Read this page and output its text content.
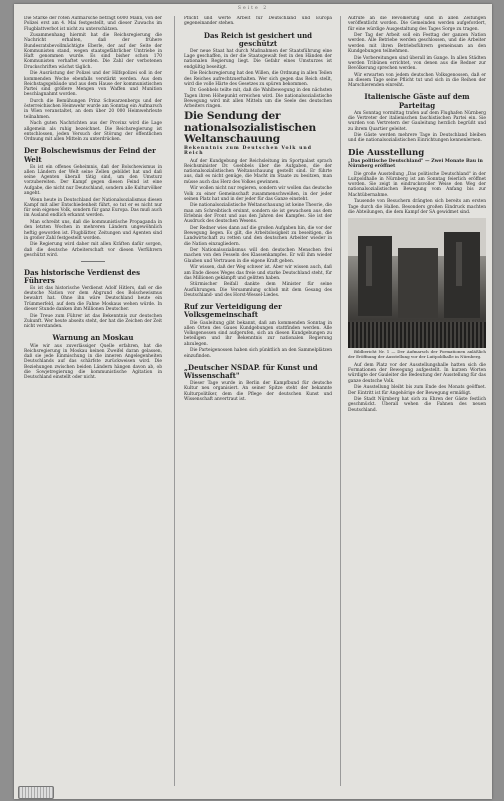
Seite 2

Die Stärke der roten Aufmärsche beträgt 6000 Mann, von der Polizei erst am 4. Mai festgestellt, und dieser Zuwachs im Flugblattverbot ist nicht zu unterschätzen.

Zusammenhang hiermit hat die Reichsregierung die Nachricht erhalten, daß der frühere Bundesratsbevollmächtigte Eberle, der auf der Seite der Kommunisten stand, wegen staatsgefährlicher Umtriebe in Haft genommen wurde. Es sind bisher schon 170 Kommunisten verhaftet worden. Die Zahl der verbotenen Druckschriften wächst täglich.

Die Ausrüstung der Polizei und der Hilfspolizei soll in der kommenden Woche ebenfalls verstärkt werden. Aus dem Reichstagsgebäude und aus dem Hause der kommunistischen Partei sind größere Mengen von Waffen und Munition beschlagnahmt worden.

Durch die Bemühungen Prinz Schwarzenbergs und der österreichischen Heimwehr wurde am Sonntag ein Aufmarsch in Wien veranstaltet, an dem über 20 000 Heimwehrleute teilnahmen.

Nach guten Nachrichten aus der Provinz wird die Lage allgemein als ruhig bezeichnet. Die Reichsregierung ist entschlossen, jeden Versuch der Störung der öffentlichen Ordnung mit allen Mitteln zu unterdrücken.

Der Bolschewismus der Feind der Welt

Es ist ein offenes Geheimnis, daß der Bolschewismus in allen Ländern der Welt seine Zellen gebildet hat und daß seine Agenten überall tätig sind, um den Umsturz vorzubereiten. Der Kampf gegen diesen Feind ist eine Aufgabe, die nicht nur Deutschland, sondern alle Kulturvölker angeht.

Wenn heute in Deutschland der Nationalsozialismus diesen Kampf mit aller Entschiedenheit führt, so tut er es nicht nur für sein eigenes Volk, sondern für ganz Europa. Das muß auch im Ausland endlich erkannt werden.

Man schreibt uns, daß die kommunistische Propaganda in den letzten Wochen in mehreren Ländern ungewöhnlich heftig geworden ist. Flugblätter, Zeitungen und Agenten sind in großer Zahl festgestellt worden.

Die Regierung wird daher mit allen Kräften dafür sorgen, daß die deutsche Arbeiterschaft vor diesen Verführern geschützt wird.

Das historische Verdienst des Führers

Es ist das historische Verdienst Adolf Hitlers, daß er die deutsche Nation vor dem Abgrund des Bolschewismus bewahrt hat. Ohne ihn wäre Deutschland heute ein Trümmerfeld, auf dem die Fahne Moskaus wehen würde. In dieser Stunde danken ihm Millionen Deutscher.

Die Treue zum Führer ist das Bekenntnis zur deutschen Zukunft. Wer heute abseits steht, der hat die Zeichen der Zeit nicht verstanden.

Warnung an Moskau

Wie wir aus zuverlässiger Quelle erfahren, hat die Reichsregierung in Moskau keinen Zweifel daran gelassen, daß sie jede Einmischung in die inneren Angelegenheiten Deutschlands auf das schärfste zurückweisen wird. Die Beziehungen zwischen beiden Ländern hängen davon ab, ob die Sowjetregierung die kommunistische Agitation in Deutschland einstellt oder nicht.

Pflicht und werte Arbeit für Deutschland und Europa gegeneinander stehen.

Das Reich ist gesichert und geschützt

Der neue Staat hat durch Maßnahmen der Staatsführung eine Lage geschaffen, in der die Staatsgewalt fest in den Händen der nationalen Regierung liegt. Die Gefahr eines Umsturzes ist endgültig beseitigt.

Die Reichsregierung hat den Willen, die Ordnung in allen Teilen des Reiches aufrechtzuerhalten. Wer sich gegen das Reich stellt, wird die volle Härte des Gesetzes zu spüren bekommen.

Dr. Goebbels teilte mit, daß die Wahlbewegung in den nächsten Tagen ihren Höhepunkt erreichen wird. Die nationalsozialistische Bewegung wird mit allen Mitteln um die Seele des deutschen Arbeiters ringen.

Die Sendung der nationalsozialistischen Weltanschauung
Bekenntnis zum Deutschen Volk und Reich

Auf der Kundgebung der Reichsleitung im Sportpalast sprach Reichsminister Dr. Goebbels über die Aufgaben, die der nationalsozialistischen Weltanschauung gestellt sind. Er führte aus, daß es nicht genüge, die Macht im Staate zu besitzen, man müsse auch das Herz des Volkes gewinnen.

Wir wollen nicht nur regieren, sondern wir wollen das deutsche Volk zu einer Gemeinschaft zusammenschweißen, in der jeder seinen Platz hat und in der jeder für das Ganze einsteht.

Die nationalsozialistische Weltanschauung ist keine Theorie, die man am Schreibtisch ersinnt, sondern sie ist gewachsen aus dem Erlebnis der Front und aus den Jahren des Kampfes. Sie ist der Ausdruck des deutschen Wesens.

Der Redner wies dann auf die großen Aufgaben hin, die vor der Bewegung liegen. Es gilt, die Arbeitslosigkeit zu beseitigen, die Landwirtschaft zu retten und den deutschen Arbeiter wieder in die Nation einzugliedern.

Der Nationalsozialismus will den deutschen Menschen frei machen von den Fesseln des Klassenkampfes. Er will ihm wieder Glauben und Vertrauen in die eigene Kraft geben.

Wir wissen, daß der Weg schwer ist. Aber wir wissen auch, daß am Ende dieses Weges das freie und starke Deutschland steht, für das Millionen gekämpft und gelitten haben.

Stürmischer Beifall dankte dem Minister für seine Ausführungen. Die Versammlung schloß mit dem Gesang des Deutschland- und des Horst-Wessel-Liedes.

Ruf zur Verteidigung der Volksgemeinschaft

Die Gauleitung gibt bekannt, daß am kommenden Sonntag in allen Orten des Gaues Kundgebungen stattfinden werden. Alle Volksgenossen sind aufgerufen, sich an diesen Kundgebungen zu beteiligen und ihr Bekenntnis zur nationalen Regierung abzulegen.

Die Parteigenossen haben sich pünktlich an den Sammelplätzen einzufinden.

„Deutscher NSDAP. für Kunst und Wissenschaft"

Dieser Tage wurde in Berlin der Kampfbund für deutsche Kultur neu organisiert. An seiner Spitze steht der bekannte Kulturpolitiker, dem die Pflege der deutschen Kunst und Wissenschaft anvertraut ist.

Aufrufe an die Bevölkerung sind in allen Zeitungen veröffentlicht worden. Die Gemeinden werden aufgefordert, für eine würdige Ausgestaltung des Tages Sorge zu tragen.

Der Tag der Arbeit soll ein Festtag der ganzen Nation werden. Alle Betriebe werden geschlossen, und die Arbeiter werden mit ihren Betriebsführern gemeinsam an den Kundgebungen teilnehmen.

Die Vorbereitungen sind überall im Gange. In allen Städten werden Tribünen errichtet, von denen aus die Redner zur Bevölkerung sprechen werden.

Wir erwarten von jedem deutschen Volksgenossen, daß er an diesem Tage seine Pflicht tut und sich in die Reihen der Marschierenden einreiht.

Italienische Gäste auf dem Parteitag

Am Sonntag vormittag trafen auf dem Flughafen Nürnberg die Vertreter der italienischen faschistischen Partei ein. Sie wurden von Vertretern der Gauleitung herzlich begrüßt und zu ihrem Quartier geleitet.

Die Gäste werden mehrere Tage in Deutschland bleiben und die nationalsozialistischen Einrichtungen kennenlernen.

Die Ausstellung
„Das politische Deutschland" — Zwei Monate Bau in Nürnberg eröffnet

Die große Ausstellung „Das politische Deutschland" in der Luitpoldhalle in Nürnberg ist am Sonntag feierlich eröffnet worden. Sie zeigt in eindrucksvoller Weise den Weg der nationalsozialistischen Bewegung vom Anfang bis zur Machtübernahme.

Tausende von Besuchern drängten sich bereits am ersten Tage durch die Hallen. Besonders großen Eindruck machten die Abteilungen, die dem Kampf der SA gewidmet sind.

Bildbericht Nr. 1 — Der Aufmarsch der Formationen anläßlich der Eröffnung der Ausstellung vor der Luitpoldhalle in Nürnberg.

Auf dem Platz vor der Ausstellungshalle hatten sich die Formationen der Bewegung aufgestellt. In kurzen Worten würdigte der Gauleiter die Bedeutung der Ausstellung für das ganze deutsche Volk.

Die Ausstellung bleibt bis zum Ende des Monats geöffnet. Der Eintritt ist für Angehörige der Bewegung ermäßigt.

Die Stadt Nürnberg hat sich zu Ehren der Gäste festlich geschmückt. Überall wehen die Fahnen des neuen Deutschland.
